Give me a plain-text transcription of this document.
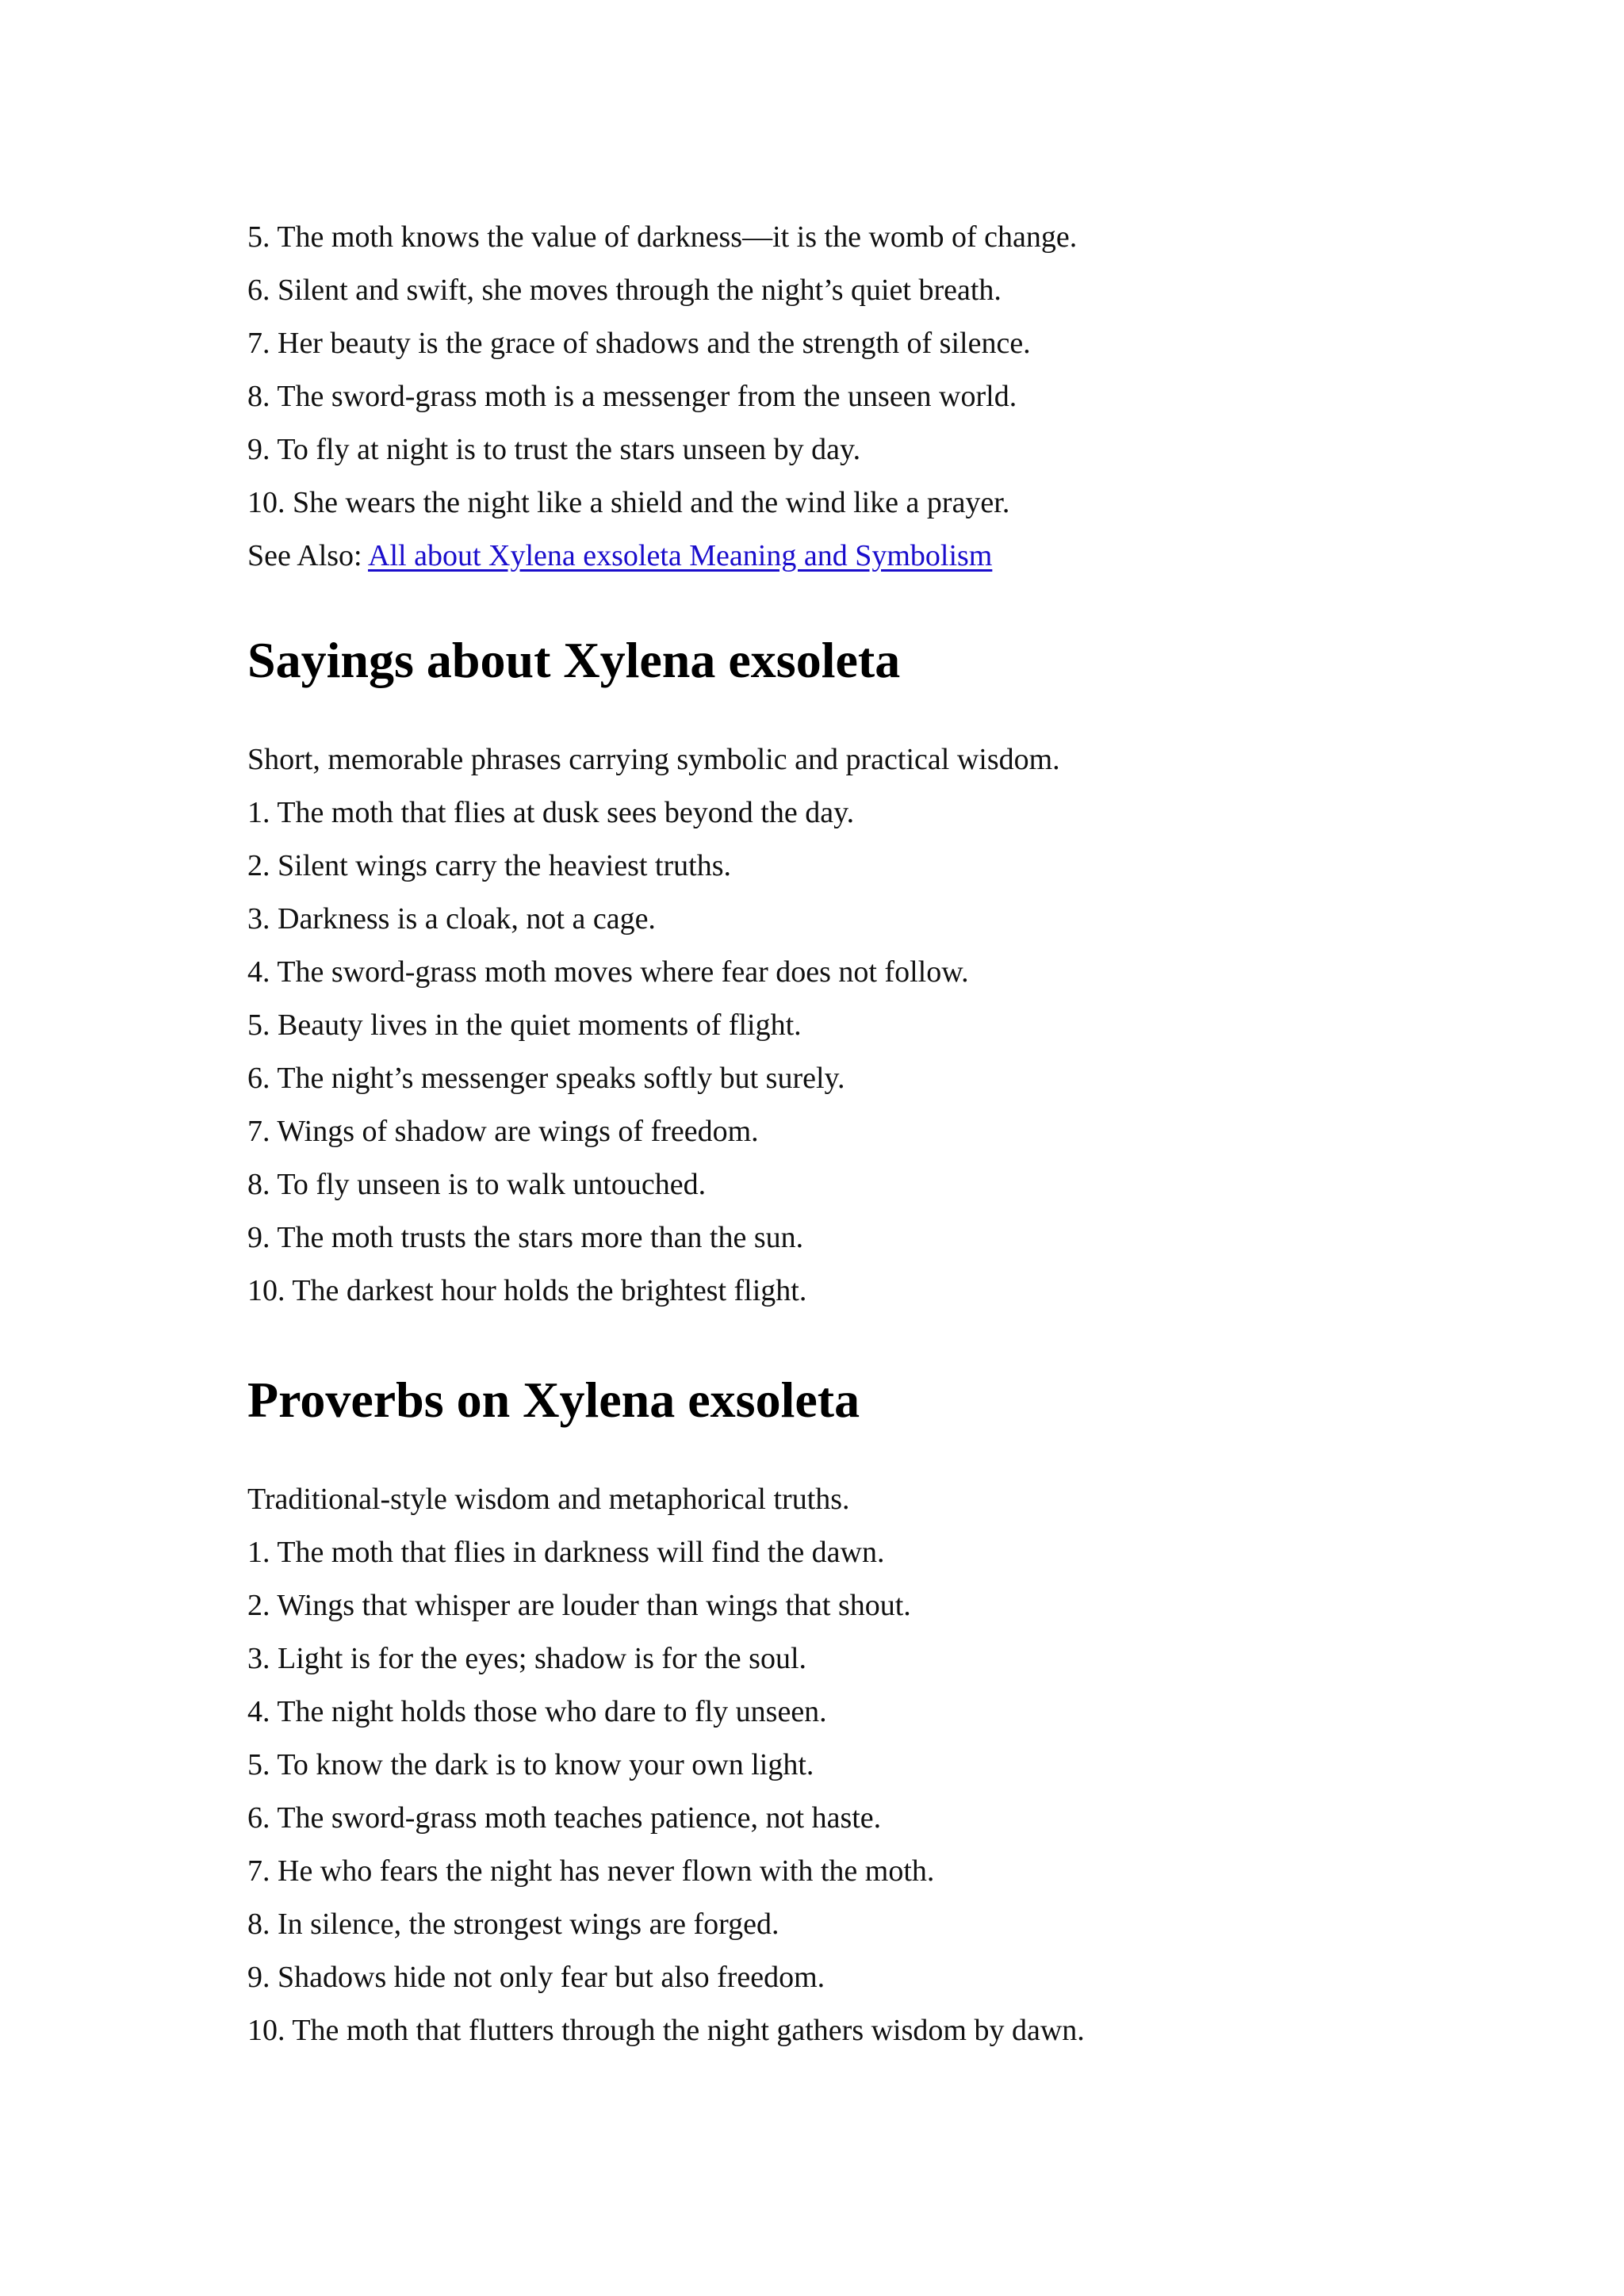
5. The moth knows the value of darkness—it is the womb of change.
6. Silent and swift, she moves through the night’s quiet breath.
7. Her beauty is the grace of shadows and the strength of silence.
8. The sword-grass moth is a messenger from the unseen world.
9. To fly at night is to trust the stars unseen by day.
10. She wears the night like a shield and the wind like a prayer.
See Also: All about Xylena exsoleta Meaning and Symbolism
Sayings about Xylena exsoleta
Short, memorable phrases carrying symbolic and practical wisdom.
1. The moth that flies at dusk sees beyond the day.
2. Silent wings carry the heaviest truths.
3. Darkness is a cloak, not a cage.
4. The sword-grass moth moves where fear does not follow.
5. Beauty lives in the quiet moments of flight.
6. The night’s messenger speaks softly but surely.
7. Wings of shadow are wings of freedom.
8. To fly unseen is to walk untouched.
9. The moth trusts the stars more than the sun.
10. The darkest hour holds the brightest flight.
Proverbs on Xylena exsoleta
Traditional-style wisdom and metaphorical truths.
1. The moth that flies in darkness will find the dawn.
2. Wings that whisper are louder than wings that shout.
3. Light is for the eyes; shadow is for the soul.
4. The night holds those who dare to fly unseen.
5. To know the dark is to know your own light.
6. The sword-grass moth teaches patience, not haste.
7. He who fears the night has never flown with the moth.
8. In silence, the strongest wings are forged.
9. Shadows hide not only fear but also freedom.
10. The moth that flutters through the night gathers wisdom by dawn.
